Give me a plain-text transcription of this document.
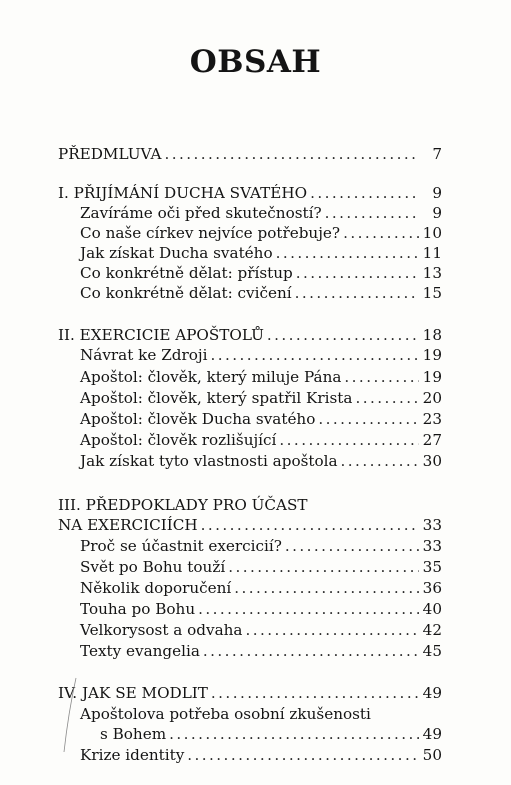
OBSAH
PŘEDMLUVA . . .	7
I. PŘIJÍMÁNÍ DUCHA SVATÉHO . . .	9
Zavíráme oči před skutečností? . . .	9
Co naše církev nejvíce potřebuje? . . .	10
Jak získat Ducha svatého . . .	11
Co konkrétně dělat: přístup . . .	13
Co konkrétně dělat: cvičení . . .	15
II. EXERCICIE APOŠTOLŮ . . .	18
Návrat ke Zdroji . . .	19
Apoštol: člověk, který miluje Pána . . .	19
Apoštol: člověk, který spatřil Krista . . .	20
Apoštol: člověk Ducha svatého . . .	23
Apoštol: člověk rozlišující . . .	27
Jak získat tyto vlastnosti apoštola . . .	30
III. PŘEDPOKLADY PRO ÚČAST
NA EXERCICIÍCH . . .	33
Proč se účastnit exercicií? . . .	33
Svět po Bohu touží . . .	35
Několik doporučení . . .	36
Touha po Bohu . . .	40
Velkorysost a odvaha . . .	42
Texty evangelia . . .	45
IV. JAK SE MODLIT . . .	49
Apoštolova potřeba osobní zkušenosti
s Bohem . . .	49
Krize identity . . .	50
